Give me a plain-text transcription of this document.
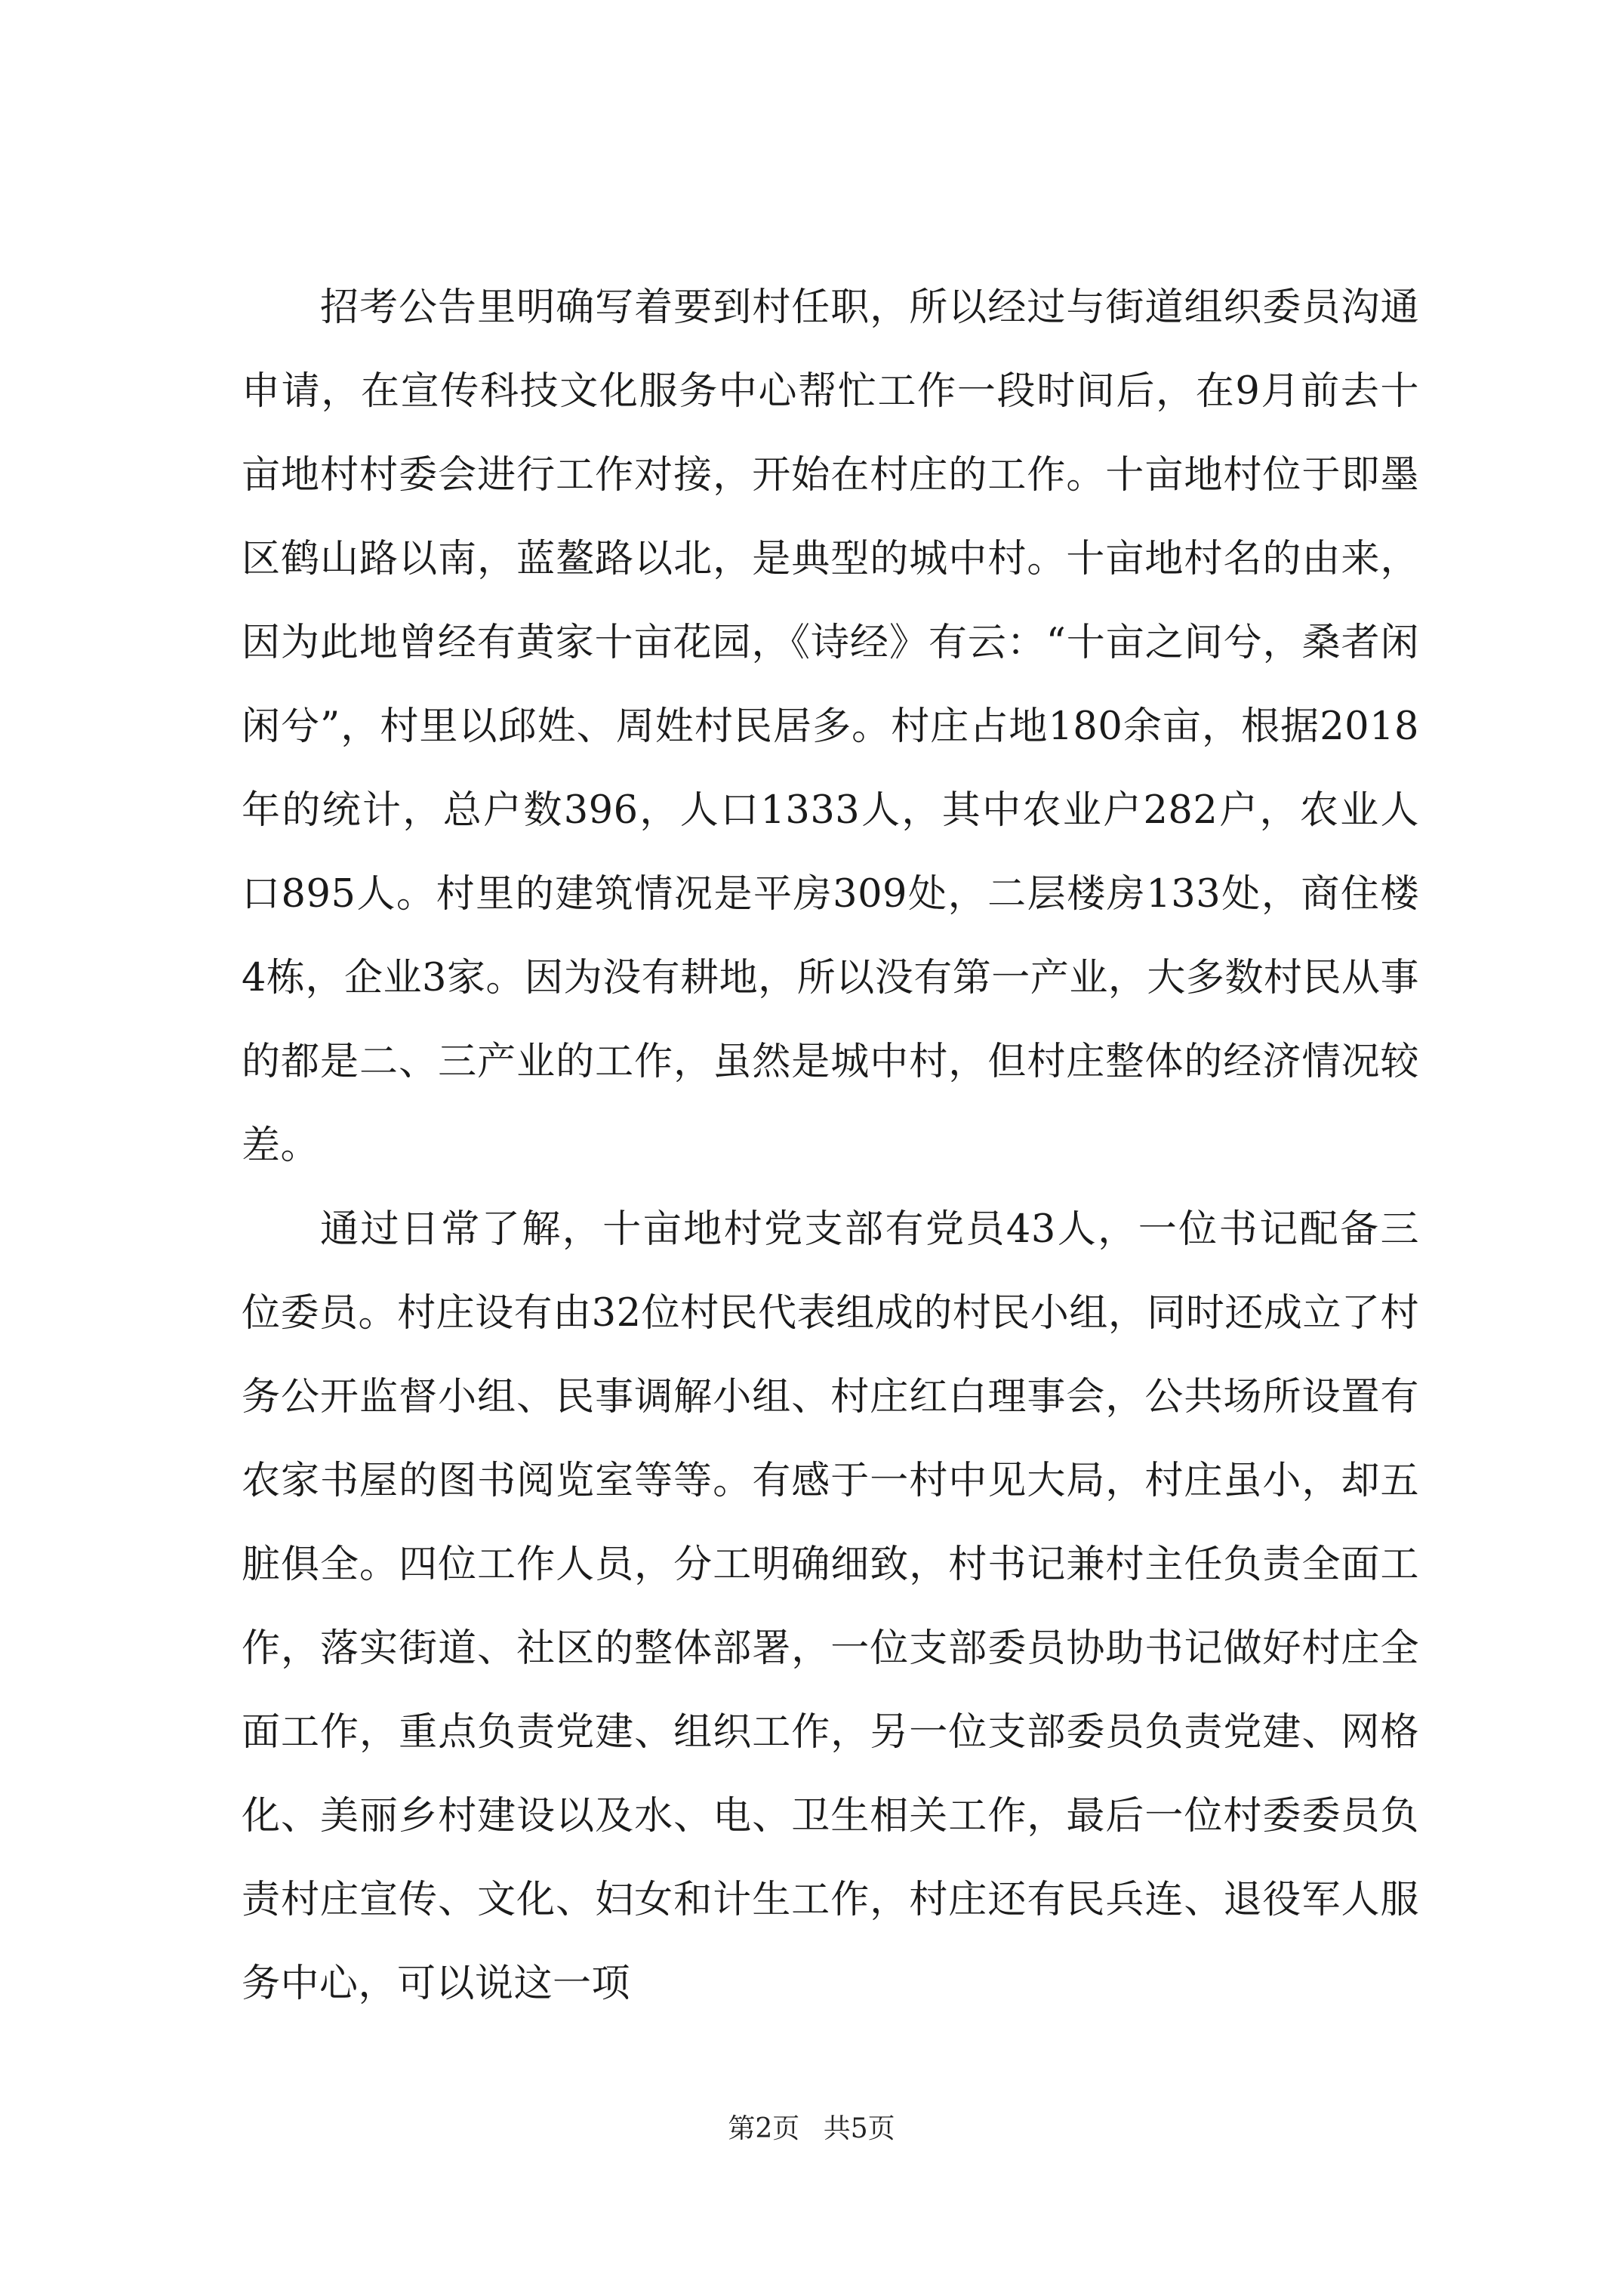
招考公告里明确写着要到村任职，所以经过与街道组织委员沟通申请，在宣传科技文化服务中心帮忙工作一段时间后，在9月前去十亩地村村委会进行工作对接，开始在村庄的工作。十亩地村位于即墨区鹤山路以南，蓝鳌路以北，是典型的城中村。十亩地村名的由来，因为此地曾经有黄家十亩花园，《诗经》有云：“十亩之间兮，桑者闲闲兮”，村里以邱姓、周姓村民居多。村庄占地180余亩，根据2018年的统计，总户数396，人口1333人，其中农业户282户，农业人口895人。村里的建筑情况是平房309处，二层楼房133处，商住楼4栋，企业3家。因为没有耕地，所以没有第一产业，大多数村民从事的都是二、三产业的工作，虽然是城中村，但村庄整体的经济情况较差。

通过日常了解，十亩地村党支部有党员43人，一位书记配备三位委员。村庄设有由32位村民代表组成的村民小组，同时还成立了村务公开监督小组、民事调解小组、村庄红白理事会，公共场所设置有农家书屋的图书阅览室等等。有感于一村中见大局，村庄虽小，却五脏俱全。四位工作人员，分工明确细致，村书记兼村主任负责全面工作，落实街道、社区的整体部署，一位支部委员协助书记做好村庄全面工作，重点负责党建、组织工作，另一位支部委员负责党建、网格化、美丽乡村建设以及水、电、卫生相关工作，最后一位村委委员负责村庄宣传、文化、妇女和计生工作，村庄还有民兵连、退役军人服务中心，可以说这一项

第2页 共5页
